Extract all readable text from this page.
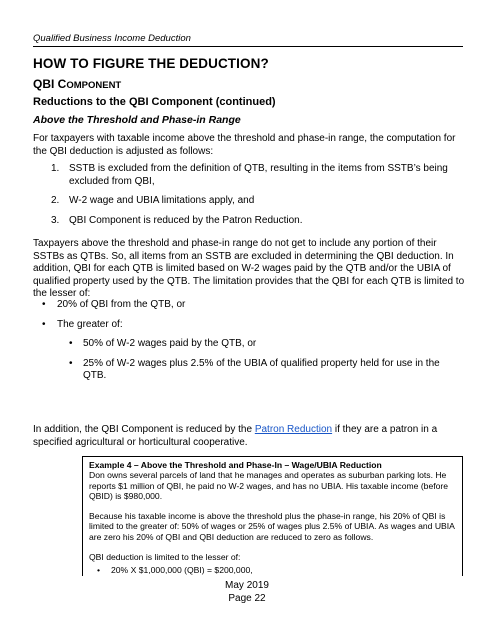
Qualified Business Income Deduction
HOW TO FIGURE THE DEDUCTION?
QBI COMPONENT
Reductions to the QBI Component (continued)
Above the Threshold and Phase-in Range
For taxpayers with taxable income above the threshold and phase-in range, the computation for the QBI deduction is adjusted as follows:
1. SSTB is excluded from the definition of QTB, resulting in the items from SSTB’s being excluded from QBI,
2. W-2 wage and UBIA limitations apply, and
3. QBI Component is reduced by the Patron Reduction.
Taxpayers above the threshold and phase-in range do not get to include any portion of their SSTBs as QTBs. So, all items from an SSTB are excluded in determining the QBI deduction. In addition, QBI for each QTB is limited based on W-2 wages paid by the QTB and/or the UBIA of qualified property used by the QTB. The limitation provides that the QBI for each QTB is limited to the lesser of:
• 20% of QBI from the QTB, or
• The greater of:
• 50% of W-2 wages paid by the QTB, or
• 25% of W-2 wages plus 2.5% of the UBIA of qualified property held for use in the QTB.
In addition, the QBI Component is reduced by the Patron Reduction if they are a patron in a specified agricultural or horticultural cooperative.
Example 4 – Above the Threshold and Phase-In – Wage/UBIA Reduction
Don owns several parcels of land that he manages and operates as suburban parking lots. He reports $1 million of QBI, he paid no W-2 wages, and has no UBIA. His taxable income (before QBID) is $980,000.
Because his taxable income is above the threshold plus the phase-in range, his 20% of QBI is limited to the greater of: 50% of wages or 25% of wages plus 2.5% of UBIA. As wages and UBIA are zero his 20% of QBI and QBI deduction are reduced to zero as follows.
QBI deduction is limited to the lesser of:
• 20% X $1,000,000 (QBI) = $200,000,
May 2019
Page 22
